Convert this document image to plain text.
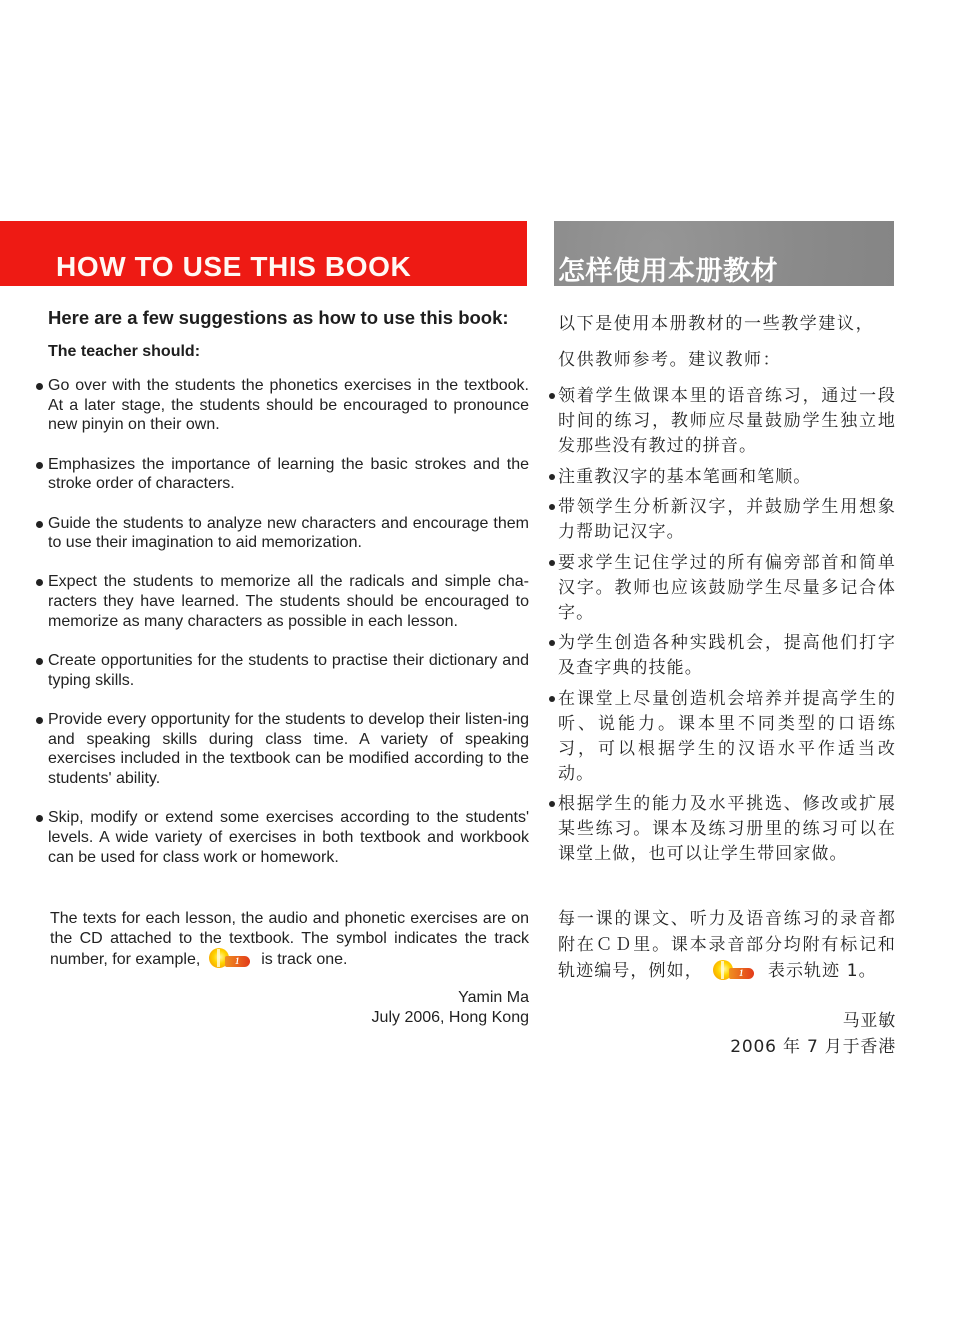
HOW TO USE THIS BOOK	怎样使用本册教材

Here are a few suggestions as how to use this book:

The teacher should:

Go over with the students the phonetics exercises in the textbook. At a later stage, the students should be encouraged to pronounce new pinyin on their own.
Emphasizes the importance of learning the basic strokes and the stroke order of characters.
Guide the students to analyze new characters and encourage them to use their imagination to aid memorization.
Expect the students to memorize all the radicals and simple cha-racters they have learned. The students should be encouraged to memorize as many characters as possible in each lesson.
Create opportunities for the students to practise their dictionary and typing skills.
Provide every opportunity for the students to develop their listen-ing and speaking skills during class time. A variety of speaking exercises included in the textbook can be modified according to the students' ability.
Skip, modify or extend some exercises according to the students' levels. A wide variety of exercises in both textbook and workbook can be used for class work or homework.
The texts for each lesson, the audio and phonetic exercises are on the CD attached to the textbook. The symbol indicates the track number, for example,	1	is track one.
Yamin Ma
July 2006, Hong Kong

以下是使用本册教材的一些教学建议，
仅供教师参考。建议教师：

领着学生做课本里的语音练习，通过一段时间的练习，教师应尽量鼓励学生独立地发那些没有教过的拼音。
注重教汉字的基本笔画和笔顺。
带领学生分析新汉字，并鼓励学生用想象力帮助记汉字。
要求学生记住学过的所有偏旁部首和简单汉字。教师也应该鼓励学生尽量多记合体字。
为学生创造各种实践机会，提高他们打字及查字典的技能。
在课堂上尽量创造机会培养并提高学生的听、说能力。课本里不同类型的口语练习，可以根据学生的汉语水平作适当改动。
根据学生的能力及水平挑选、修改或扩展某些练习。课本及练习册里的练习可以在课堂上做，也可以让学生带回家做。
每一课的课文、听力及语音练习的录音都附在ＣＤ里。课本录音部分均附有标记和轨迹编号，例如，	1	表示轨迹 1。
马亚敏
2006 年 7 月于香港
